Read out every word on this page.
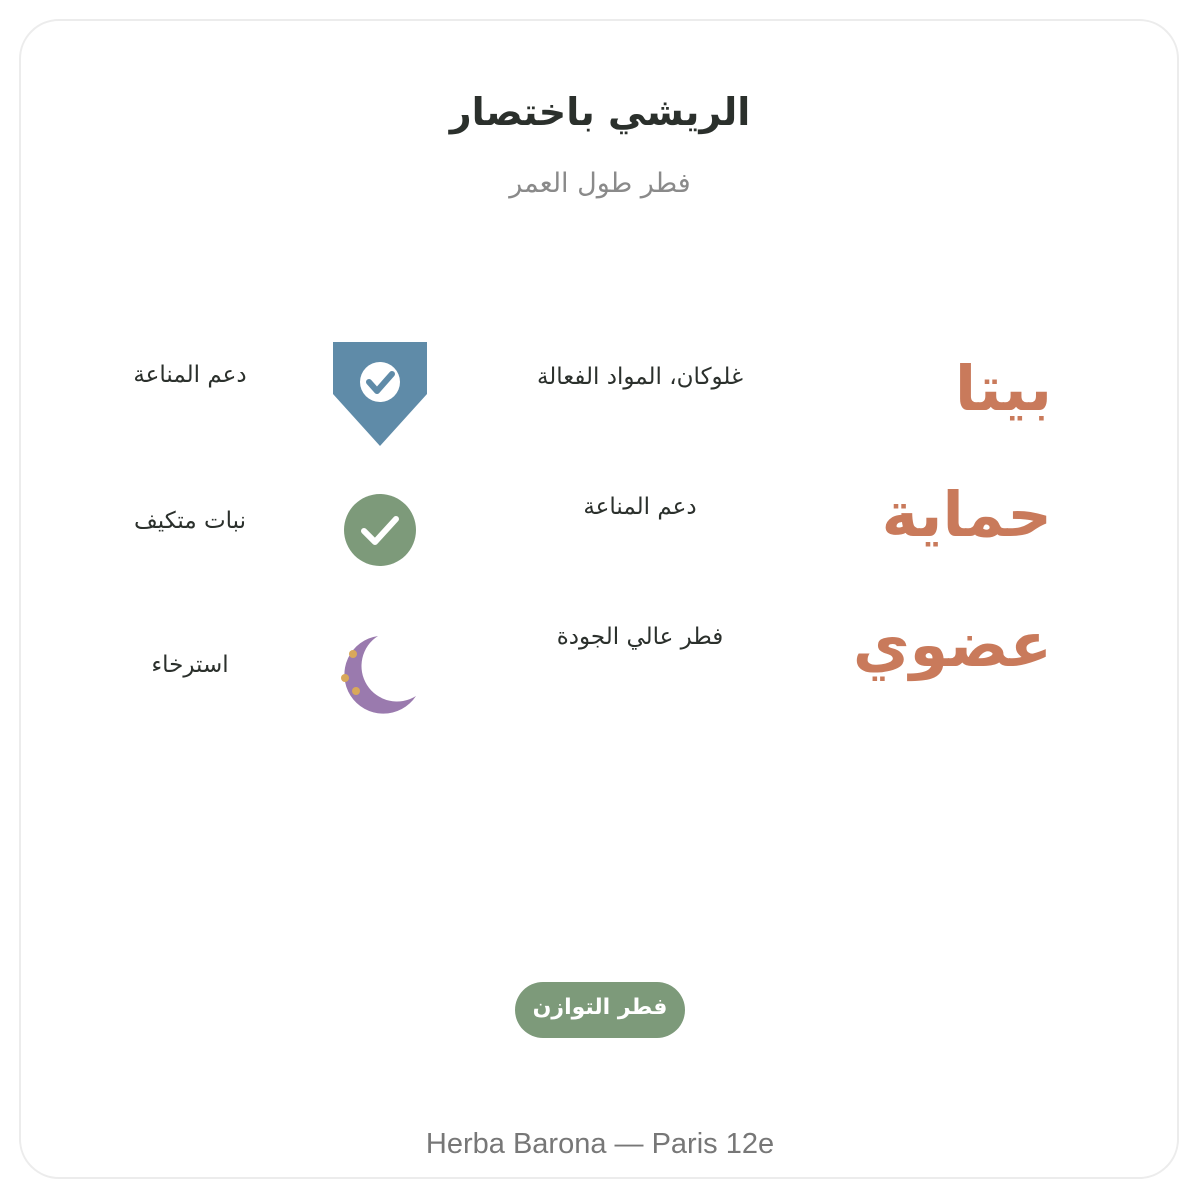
الريشي باختصار
فطر طول العمر
بيتا
غلوكان، المواد الفعالة
دعم المناعة
حماية
دعم المناعة
نبات متكيف
عضوي
فطر عالي الجودة
استرخاء
فطر التوازن
Herba Barona — Paris 12e
